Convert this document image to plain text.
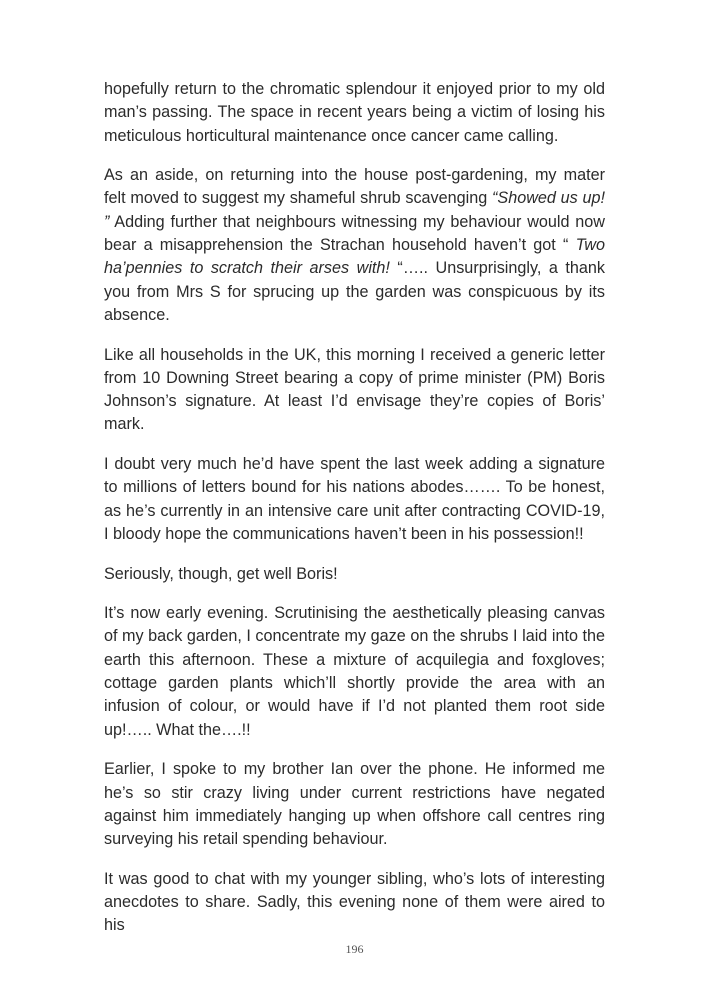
hopefully return to the chromatic splendour it enjoyed prior to my old man’s passing. The space in recent years being a victim of losing his meticulous horticultural maintenance once cancer came calling.

As an aside, on returning into the house post-gardening, my mater felt moved to suggest my shameful shrub scavenging “Showed us up! ” Adding further that neighbours witnessing my behaviour would now bear a misapprehension the Strachan household haven’t got “ Two ha’pennies to scratch their arses with! “….. Unsurprisingly, a thank you from Mrs S for sprucing up the garden was conspicuous by its absence.

Like all households in the UK, this morning I received a generic letter from 10 Downing Street bearing a copy of prime minister (PM) Boris Johnson’s signature. At least I’d envisage they’re copies of Boris’ mark.

I doubt very much he’d have spent the last week adding a signature to millions of letters bound for his nations abodes……. To be honest, as he’s currently in an intensive care unit after contracting COVID-19, I bloody hope the communications haven’t been in his possession!!

Seriously, though, get well Boris!

It’s now early evening. Scrutinising the aesthetically pleasing canvas of my back garden, I concentrate my gaze on the shrubs I laid into the earth this afternoon. These a mixture of acquilegia and foxgloves; cottage garden plants which’ll shortly provide the area with an infusion of colour, or would have if I’d not planted them root side up!….. What the….!!

Earlier, I spoke to my brother Ian over the phone. He informed me he’s so stir crazy living under current restrictions have negated against him immediately hanging up when offshore call centres ring surveying his retail spending behaviour.

It was good to chat with my younger sibling, who’s lots of interesting anecdotes to share. Sadly, this evening none of them were aired to his

196
